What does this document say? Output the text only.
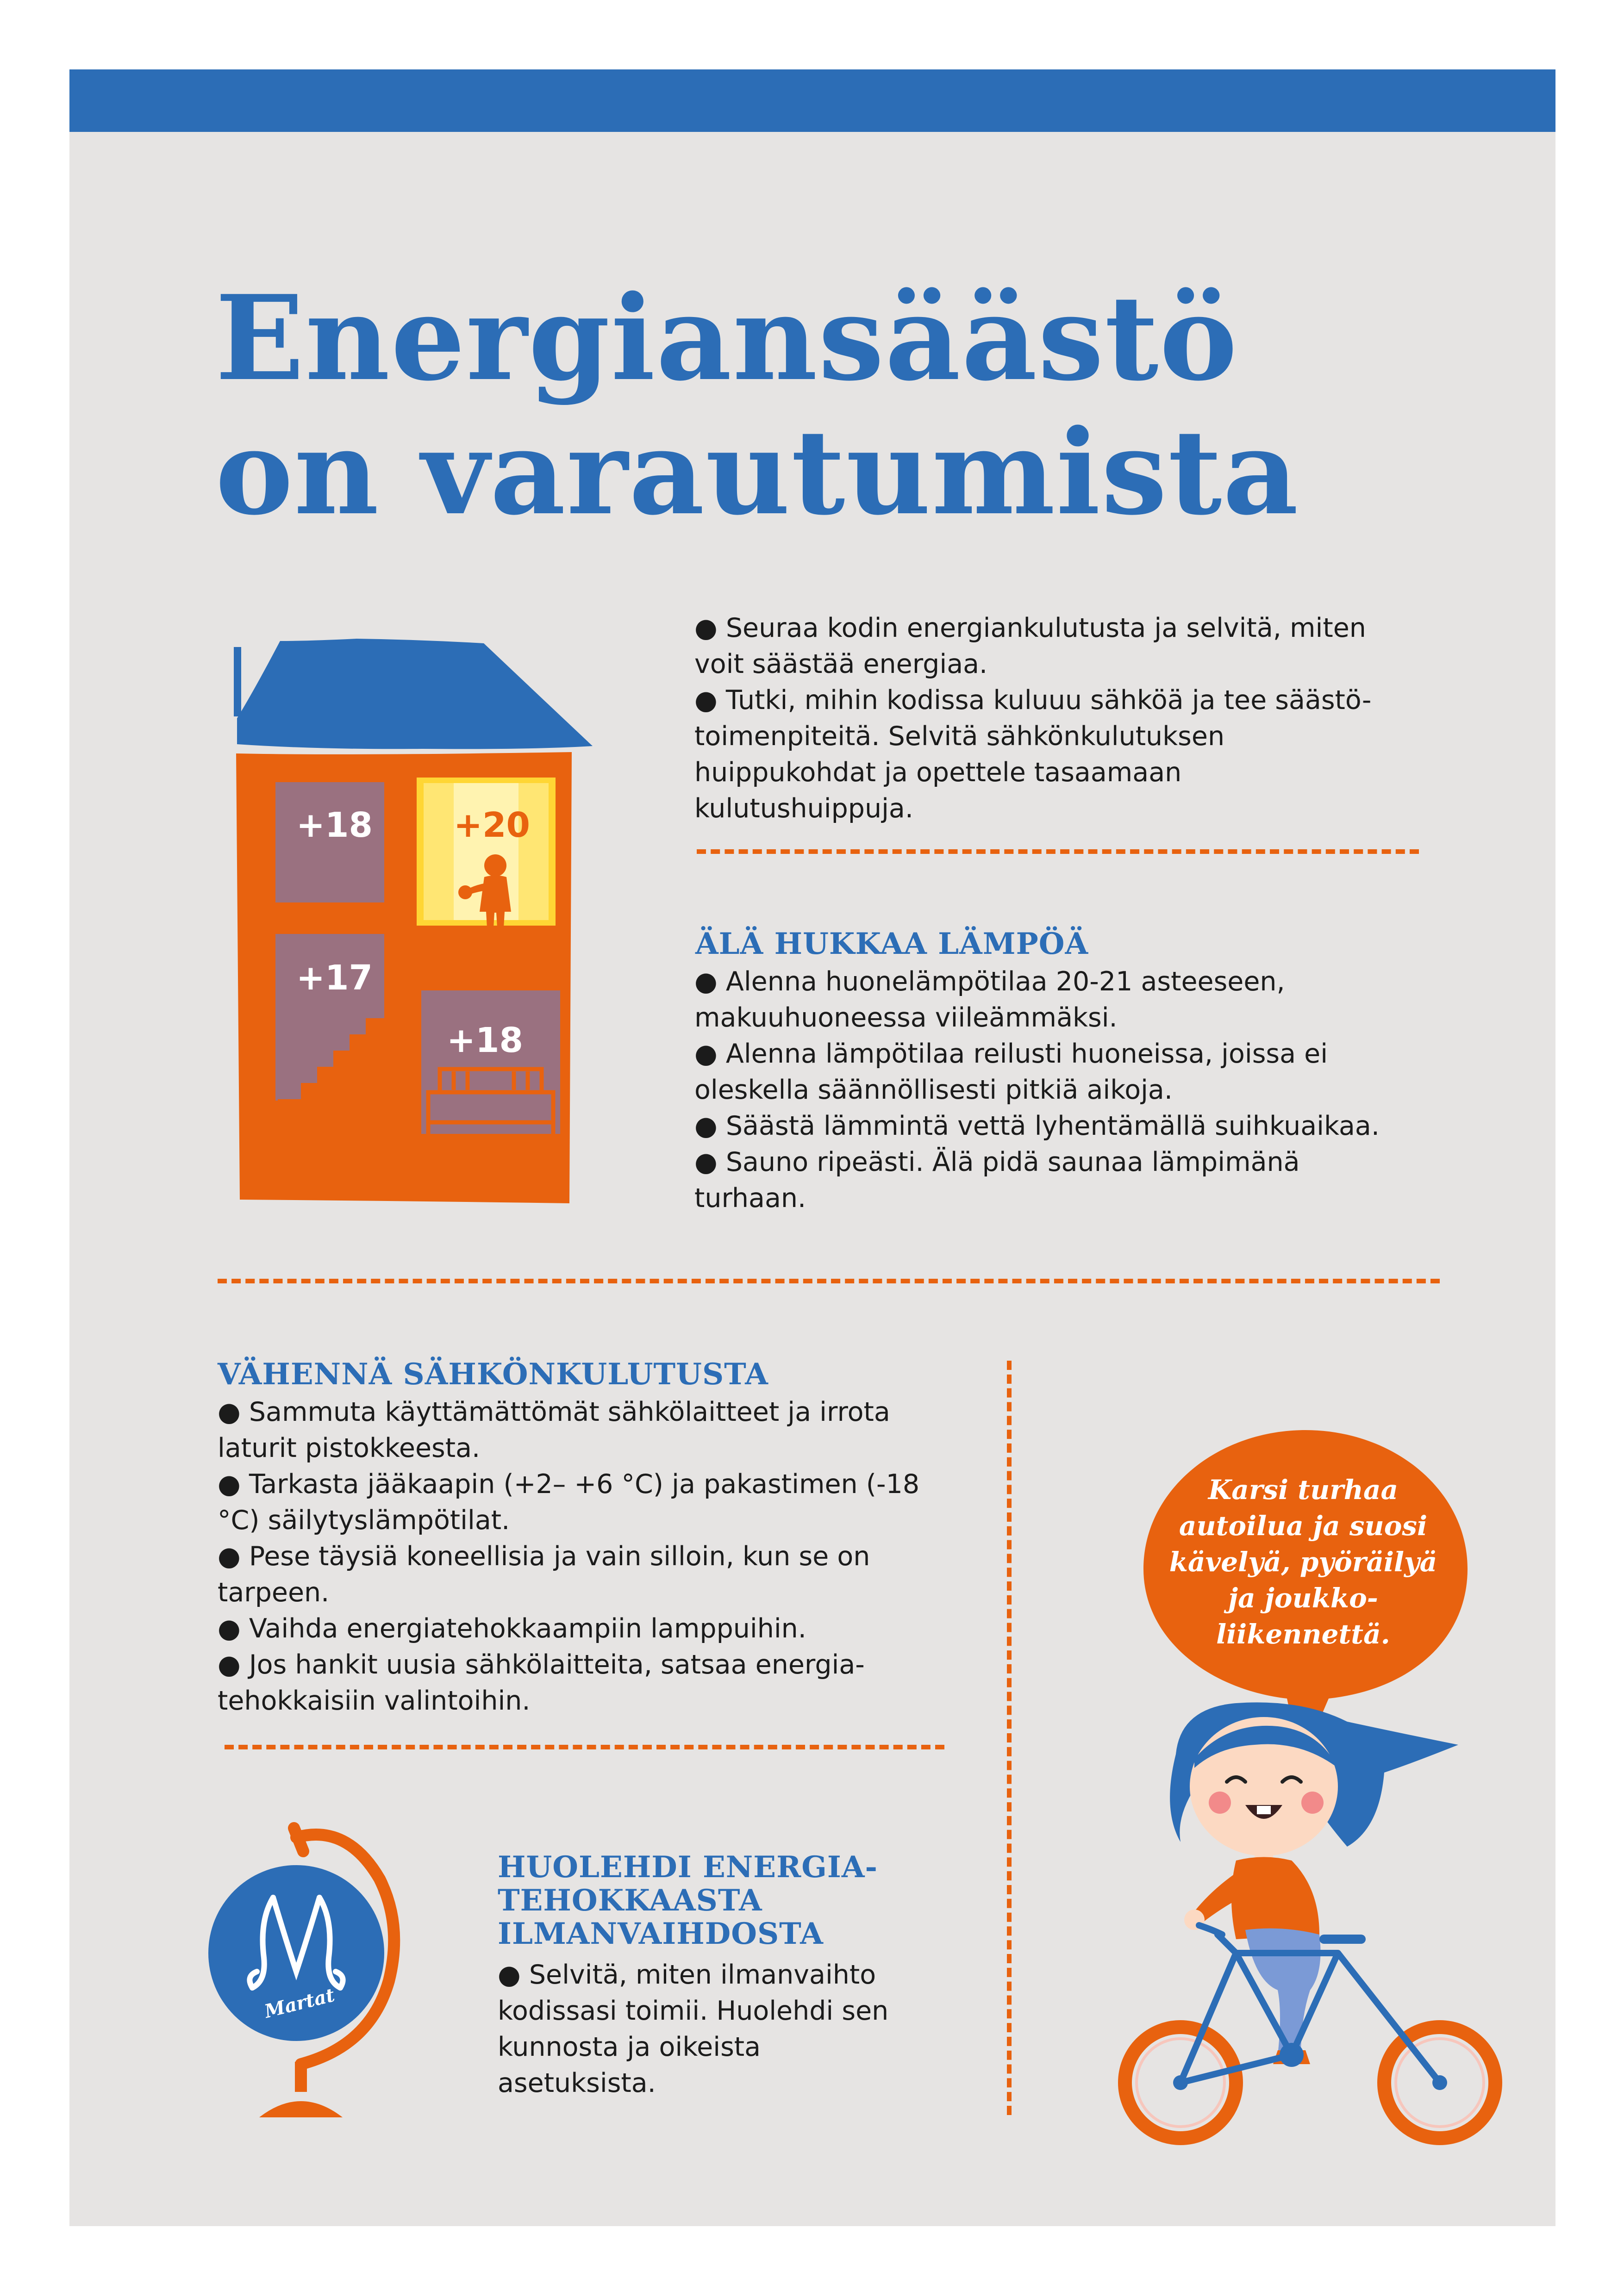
Energiansäästö
on varautumista
+18 +20
+17
+18

● Seuraa kodin energiankulutusta ja selvitä, miten voit säästää energiaa.

● Tutki, mihin kodissa kuluuu sähköä ja tee säästö-toimenpiteitä. Selvitä sähkönkulutuksen huippukohdat ja opettele tasaamaan kulutushuippuja.

ÄLÄ HUKKAA LÄMPÖÄ

● Alenna huonelämpötilaa 20-21 asteeseen, makuuhuoneessa viileämmäksi.

● Alenna lämpötilaa reilusti huoneissa, joissa ei oleskella säännöllisesti pitkiä aikoja.

● Säästä lämmintä vettä lyhentämällä suihkuaikaa.

● Sauno ripeästi. Älä pidä saunaa lämpimänä turhaan.

VÄHENNÄ SÄHKÖNKULUTUSTA

● Sammuta käyttämättömät sähkölaitteet ja irrota laturit pistokkeesta.

● Tarkasta jääkaapin (+2– +6 °C) ja pakastimen (-18 °C) säilytyslämpötilat.

● Pese täysiä koneellisia ja vain silloin, kun se on tarpeen.

● Vaihda energiatehokkaampiin lamppuihin.

● Jos hankit uusia sähkölaitteita, satsaa energia-tehokkaisiin valintoihin.

HUOLEHDI ENERGIA-
TEHOKKAASTA
ILMANVAIHDOSTA

● Selvitä, miten ilmanvaihto kodissasi toimii. Huolehdi sen kunnosta ja oikeista asetuksista.

Martat
Karsi turhaa
autoilua ja suosi
kävelyä, pyöräilyä
ja joukko-
liikennettä.
